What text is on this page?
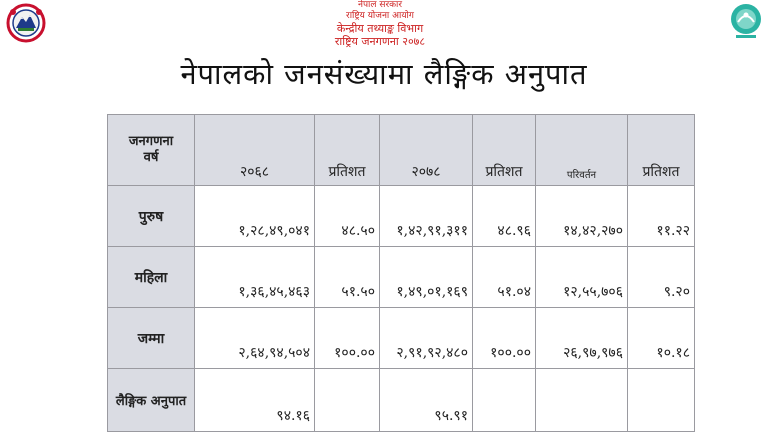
नेपाल सरकार
राष्ट्रिय योजना आयोग
केन्द्रीय तथ्याङ्क विभाग
राष्ट्रिय जनगणना २०७८
नेपालको जनसंख्यामा लैङ्गिक अनुपात
जनगणना
वर्ष	२०६८	प्रतिशत	२०७८	प्रतिशत	परिवर्तन	प्रतिशत
पुरुष	१,२८,४९,०४१	४८.५०	१,४२,९१,३११	४८.९६	१४,४२,२७०	११.२२
महिला	१,३६,४५,४६३	५१.५०	१,४९,०१,१६९	५१.०४	१२,५५,७०६	९.२०
जम्मा	२,६४,९४,५०४	१००.००	२,९१,९२,४८०	१००.००	२६,९७,९७६	१०.१८
लैङ्गिक अनुपात	९४.१६		९५.९१			
